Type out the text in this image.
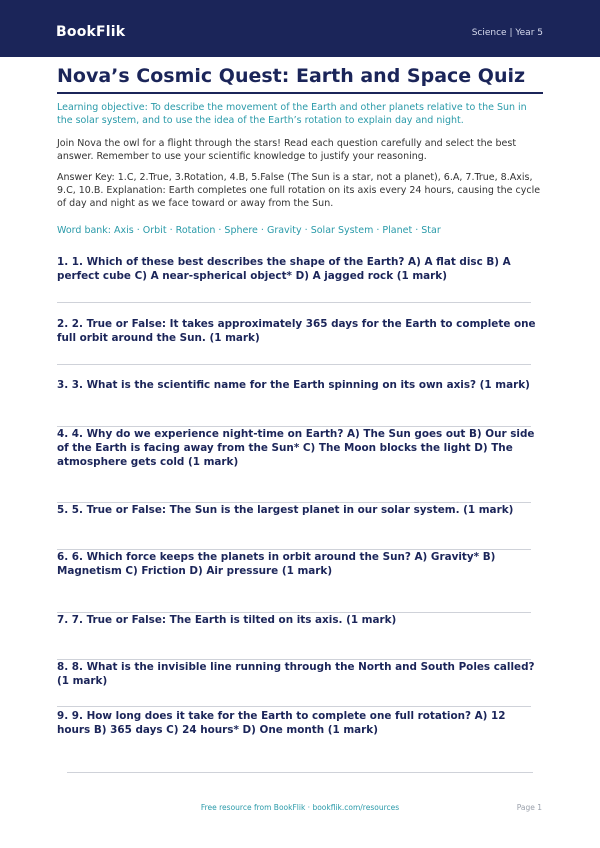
BookFlik	Science | Year 5
Nova’s Cosmic Quest: Earth and Space Quiz
Learning objective: To describe the movement of the Earth and other planets relative to the Sun in the solar system, and to use the idea of the Earth’s rotation to explain day and night.
Join Nova the owl for a flight through the stars! Read each question carefully and select the best answer. Remember to use your scientific knowledge to justify your reasoning.
Answer Key: 1.C, 2.True, 3.Rotation, 4.B, 5.False (The Sun is a star, not a planet), 6.A, 7.True, 8.Axis, 9.C, 10.B. Explanation: Earth completes one full rotation on its axis every 24 hours, causing the cycle of day and night as we face toward or away from the Sun.
Word bank: Axis · Orbit · Rotation · Sphere · Gravity · Solar System · Planet · Star
1. 1. Which of these best describes the shape of the Earth? A) A flat disc B) A perfect cube C) A near-spherical object* D) A jagged rock (1 mark)
2. 2. True or False: It takes approximately 365 days for the Earth to complete one full orbit around the Sun. (1 mark)
3. 3. What is the scientific name for the Earth spinning on its own axis? (1 mark)
4. 4. Why do we experience night-time on Earth? A) The Sun goes out B) Our side of the Earth is facing away from the Sun* C) The Moon blocks the light D) The atmosphere gets cold (1 mark)
5. 5. True or False: The Sun is the largest planet in our solar system. (1 mark)
6. 6. Which force keeps the planets in orbit around the Sun? A) Gravity* B) Magnetism C) Friction D) Air pressure (1 mark)
7. 7. True or False: The Earth is tilted on its axis. (1 mark)
8. 8. What is the invisible line running through the North and South Poles called? (1 mark)
9. 9. How long does it take for the Earth to complete one full rotation? A) 12 hours B) 365 days C) 24 hours* D) One month (1 mark)
Free resource from BookFlik · bookflik.com/resources	Page 1
